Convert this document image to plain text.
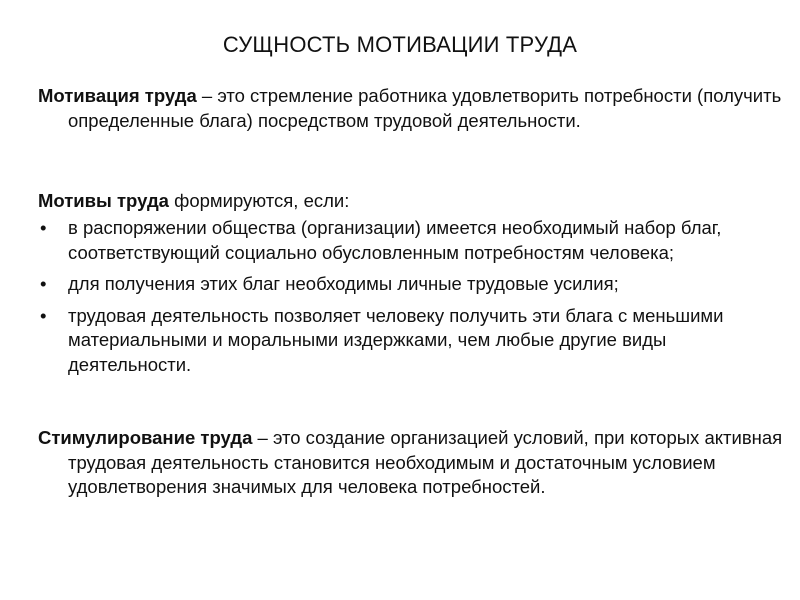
СУЩНОСТЬ МОТИВАЦИИ ТРУДА
Мотивация труда – это стремление работника удовлетворить потребности (получить определенные блага) посредством трудовой деятельности.
Мотивы труда формируются, если:
• в распоряжении общества (организации) имеется необходимый набор благ, соответствующий социально обусловленным потребностям человека;
• для получения этих благ необходимы личные трудовые усилия;
• трудовая деятельность позволяет человеку получить эти блага с меньшими материальными и моральными издержками, чем любые другие виды деятельности.
Стимулирование труда – это создание организацией условий, при которых активная трудовая деятельность становится необходимым и достаточным условием удовлетворения значимых для человека потребностей.
